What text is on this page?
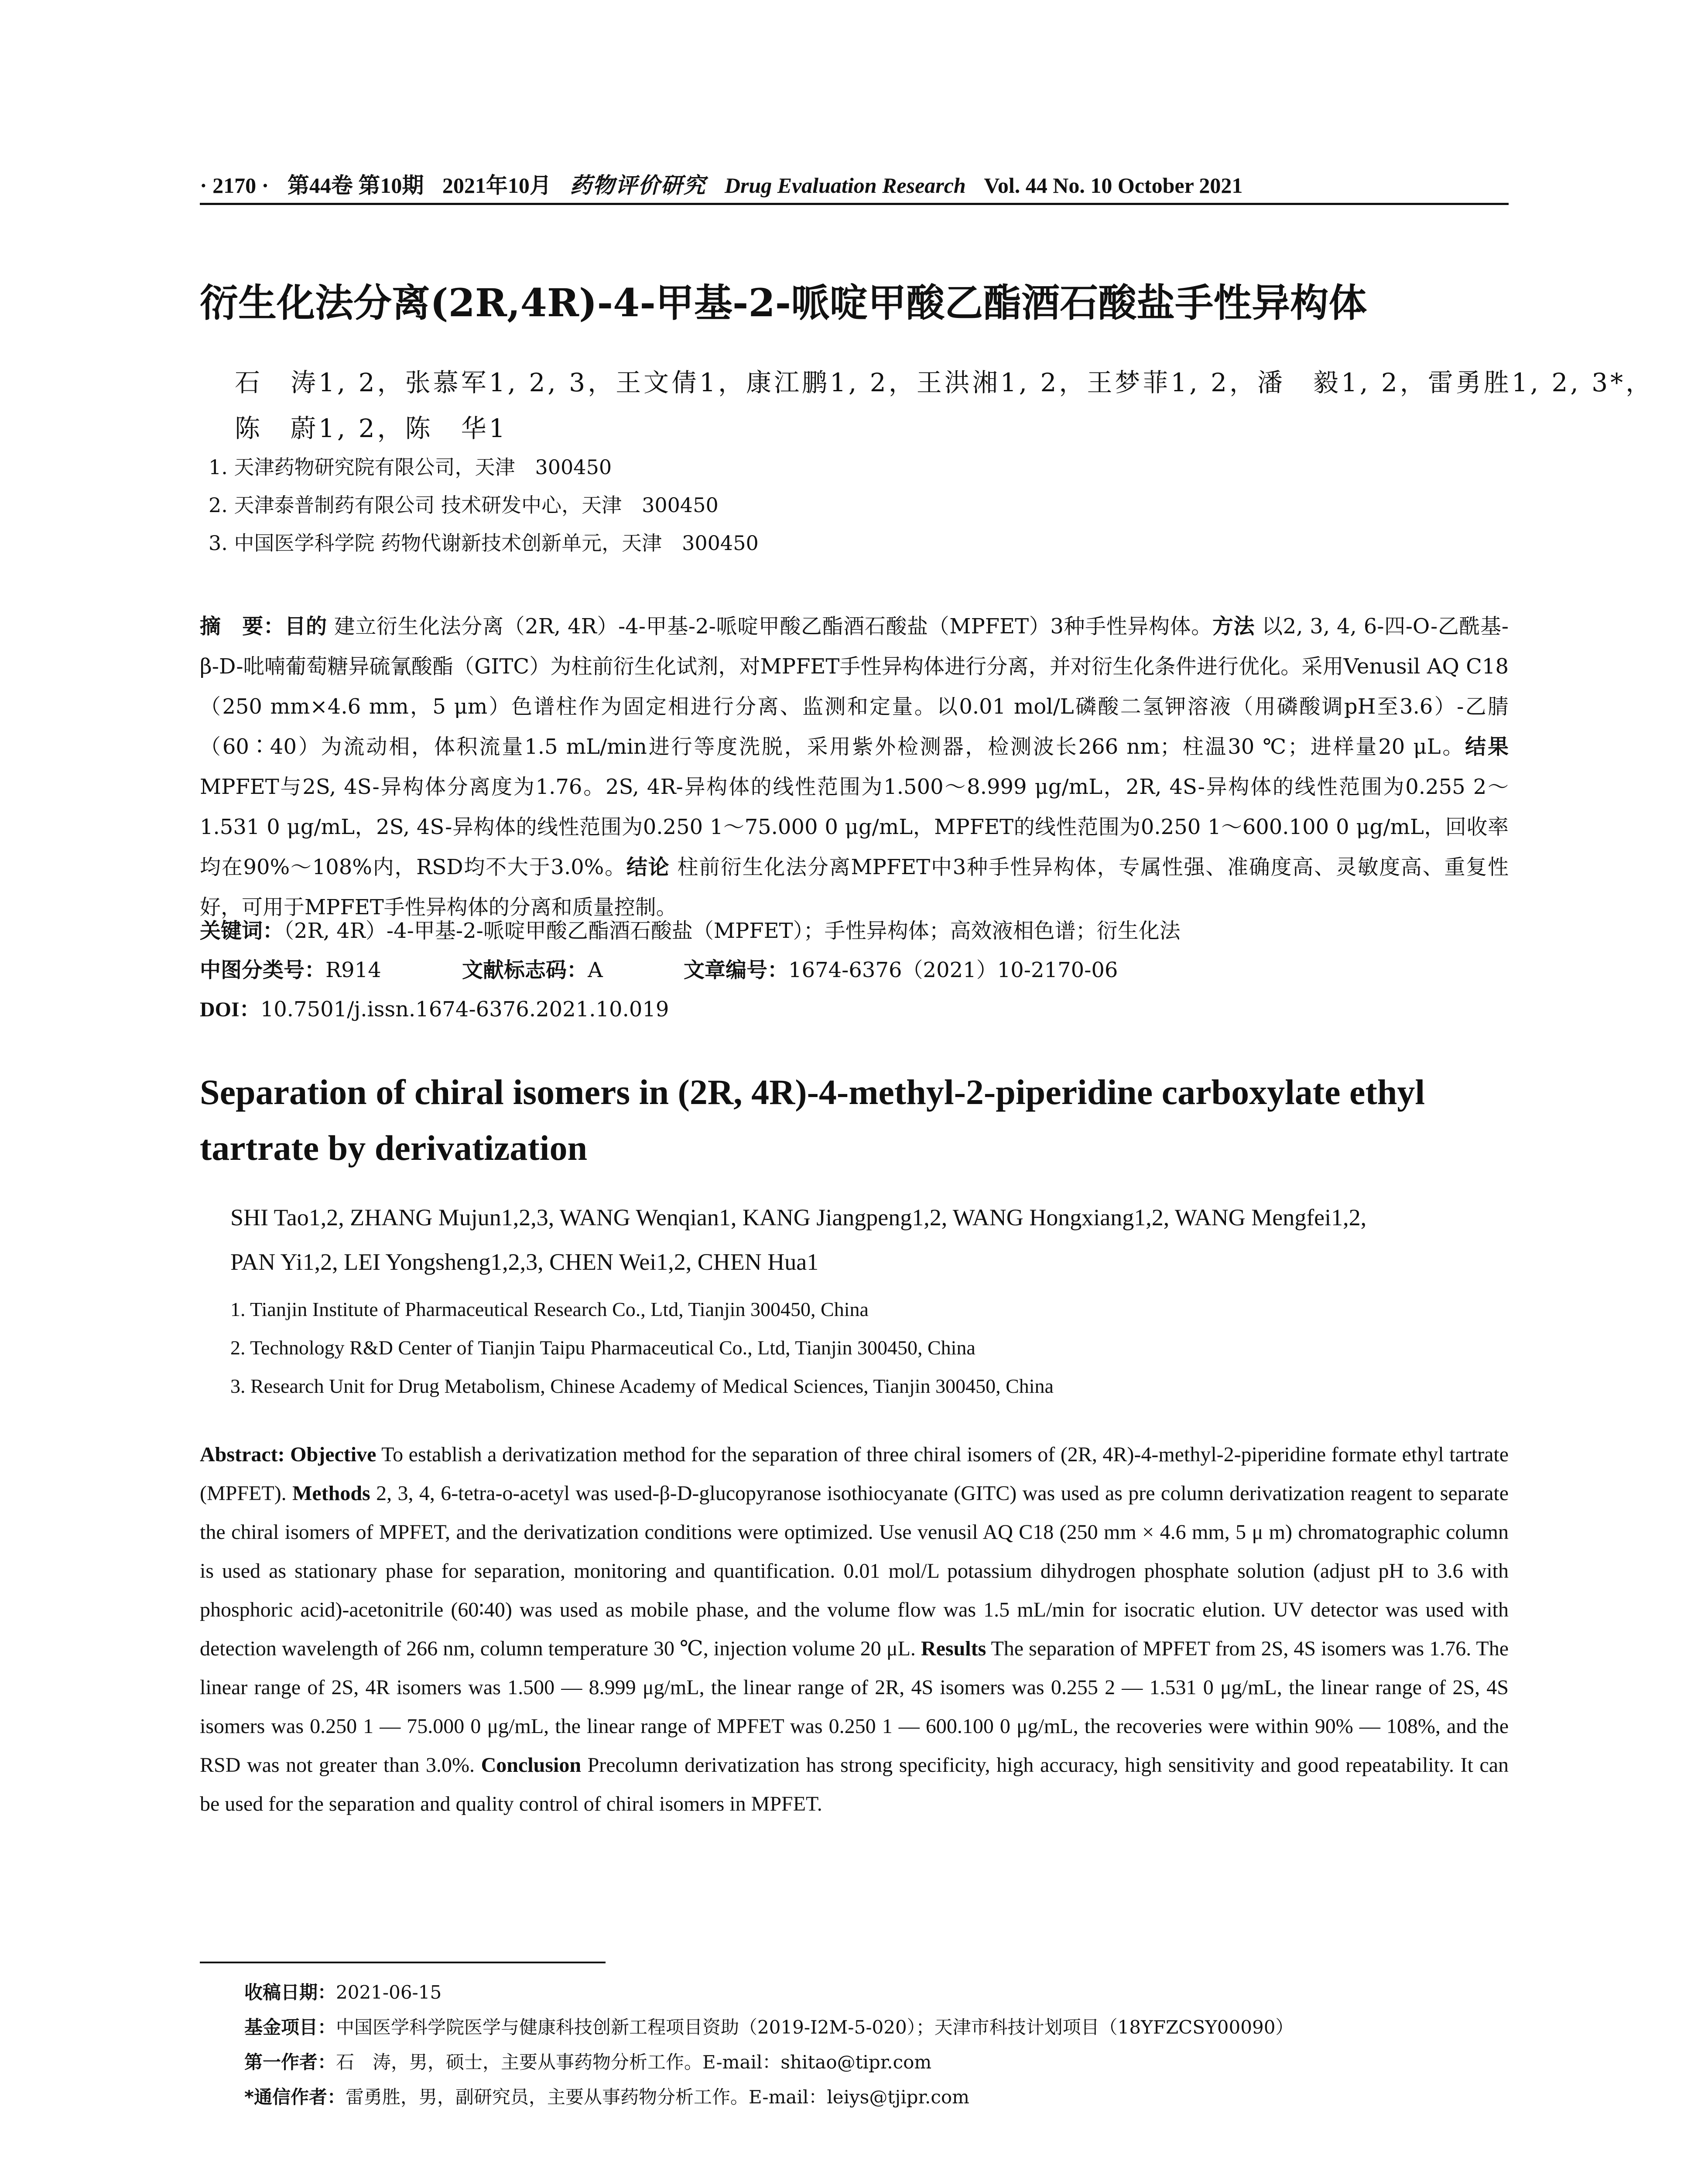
· 2170 · 第44卷 第10期 2021年10月 药物评价研究 Drug Evaluation Research Vol. 44 No. 10 October 2021
衍生化法分离(2R,4R)-4-甲基-2-哌啶甲酸乙酯酒石酸盐手性异构体
石　涛1, 2，张慕军1, 2, 3，王文倩1，康江鹏1, 2，王洪湘1, 2，王梦菲1, 2，潘　毅1, 2，雷勇胜1, 2, 3*，
陈　蔚1, 2，陈　华1
1. 天津药物研究院有限公司，天津　300450
2. 天津泰普制药有限公司 技术研发中心，天津　300450
3. 中国医学科学院 药物代谢新技术创新单元，天津　300450
摘　要：目的 建立衍生化法分离（2R, 4R）-4-甲基-2-哌啶甲酸乙酯酒石酸盐（MPFET）3种手性异构体。方法 以2, 3, 4, 6-四-O-乙酰基-β-D-吡喃葡萄糖异硫氰酸酯（GITC）为柱前衍生化试剂，对MPFET手性异构体进行分离，并对衍生化条件进行优化。采用Venusil AQ C18（250 mm×4.6 mm，5 μm）色谱柱作为固定相进行分离、监测和定量。以0.01 mol/L磷酸二氢钾溶液（用磷酸调pH至3.6）-乙腈（60∶40）为流动相，体积流量1.5 mL/min进行等度洗脱，采用紫外检测器，检测波长266 nm；柱温30 ℃；进样量20 μL。结果 MPFET与2S, 4S-异构体分离度为1.76。2S, 4R-异构体的线性范围为1.500～8.999 μg/mL，2R, 4S-异构体的线性范围为0.255 2～1.531 0 μg/mL，2S, 4S-异构体的线性范围为0.250 1～75.000 0 μg/mL，MPFET的线性范围为0.250 1～600.100 0 μg/mL，回收率均在90%～108%内，RSD均不大于3.0%。结论 柱前衍生化法分离MPFET中3种手性异构体，专属性强、准确度高、灵敏度高、重复性好，可用于MPFET手性异构体的分离和质量控制。
关键词：（2R, 4R）-4-甲基-2-哌啶甲酸乙酯酒石酸盐（MPFET）；手性异构体；高效液相色谱；衍生化法
中图分类号：R914	文献标志码：A	文章编号：1674-6376（2021）10-2170-06
DOI：10.7501/j.issn.1674-6376.2021.10.019
Separation of chiral isomers in (2R, 4R)-4-methyl-2-piperidine carboxylate ethyl tartrate by derivatization
SHI Tao1,2, ZHANG Mujun1,2,3, WANG Wenqian1, KANG Jiangpeng1,2, WANG Hongxiang1,2, WANG Mengfei1,2,
PAN Yi1,2, LEI Yongsheng1,2,3, CHEN Wei1,2, CHEN Hua1
1. Tianjin Institute of Pharmaceutical Research Co., Ltd, Tianjin 300450, China
2. Technology R&D Center of Tianjin Taipu Pharmaceutical Co., Ltd, Tianjin 300450, China
3. Research Unit for Drug Metabolism, Chinese Academy of Medical Sciences, Tianjin 300450, China
Abstract: Objective To establish a derivatization method for the separation of three chiral isomers of (2R, 4R)-4-methyl-2-piperidine formate ethyl tartrate (MPFET). Methods 2, 3, 4, 6-tetra-o-acetyl was used-β-D-glucopyranose isothiocyanate (GITC) was used as pre column derivatization reagent to separate the chiral isomers of MPFET, and the derivatization conditions were optimized. Use venusil AQ C18 (250 mm × 4.6 mm, 5 μ m) chromatographic column is used as stationary phase for separation, monitoring and quantification. 0.01 mol/L potassium dihydrogen phosphate solution (adjust pH to 3.6 with phosphoric acid)-acetonitrile (60∶40) was used as mobile phase, and the volume flow was 1.5 mL/min for isocratic elution. UV detector was used with detection wavelength of 266 nm, column temperature 30 ℃, injection volume 20 μL. Results The separation of MPFET from 2S, 4S isomers was 1.76. The linear range of 2S, 4R isomers was 1.500 — 8.999 μg/mL, the linear range of 2R, 4S isomers was 0.255 2 — 1.531 0 μg/mL, the linear range of 2S, 4S isomers was 0.250 1 — 75.000 0 μg/mL, the linear range of MPFET was 0.250 1 — 600.100 0 μg/mL, the recoveries were within 90% — 108%, and the RSD was not greater than 3.0%. Conclusion Precolumn derivatization has strong specificity, high accuracy, high sensitivity and good repeatability. It can be used for the separation and quality control of chiral isomers in MPFET.
收稿日期：2021-06-15
基金项目：中国医学科学院医学与健康科技创新工程项目资助（2019-I2M-5-020）；天津市科技计划项目（18YFZCSY00090）
第一作者：石　涛，男，硕士，主要从事药物分析工作。E-mail：shitao@tipr.com
*通信作者：雷勇胜，男，副研究员，主要从事药物分析工作。E-mail：leiys@tjipr.com
